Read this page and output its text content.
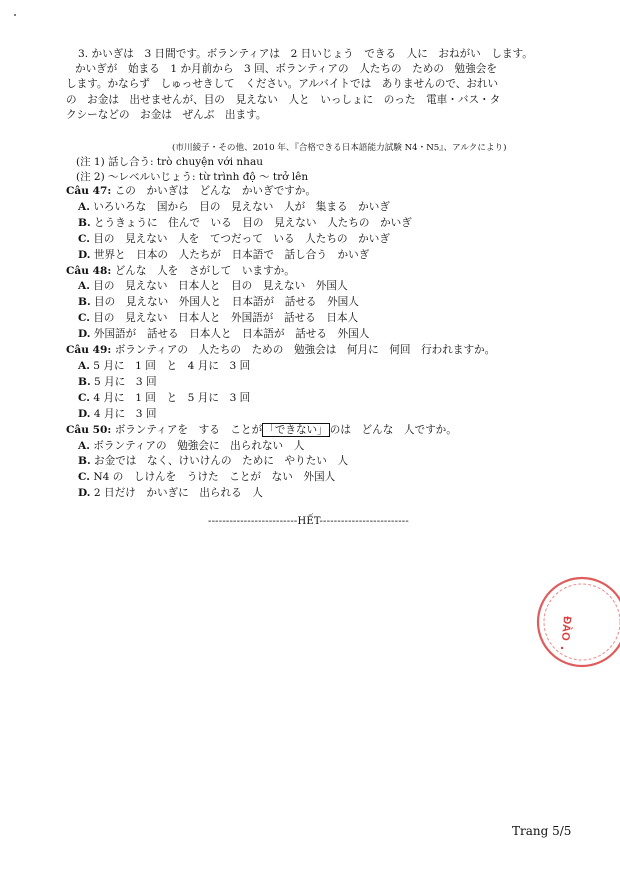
3. かいぎは　3 日間です。ボランティアは　2 日いじょう　できる　人に　おねがい　します。

かいぎが　始まる　1 か月前から　3 回、ボランティアの　人たちの　ための　勉強会を

します。かならず　しゅっせきして　ください。アルバイトでは　ありませんので、おれい

の　お金は　出せませんが、目の　見えない　人と　いっしょに　のった　電車・バス・タ

クシーなどの　お金は　ぜんぶ　出ます。

(市川綾子・その他、2010 年、『合格できる日本語能力試験 N4・N5』、アルクにより)
(注 1) 話し合う: trò chuyện với nhau
(注 2) ～レベルいじょう: từ trình độ ～ trở lên
Câu 47: この　かいぎは　どんな　かいぎですか。
A. いろいろな　国から　目の　見えない　人が　集まる　かいぎ
B. とうきょうに　住んで　いる　目の　見えない　人たちの　かいぎ
C. 目の　見えない　人を　てつだって　いる　人たちの　かいぎ
D. 世界と　日本の　人たちが　日本語で　話し合う　かいぎ
Câu 48: どんな　人を　さがして　いますか。
A. 目の　見えない　日本人と　目の　見えない　外国人
B. 目の　見えない　外国人と　日本語が　話せる　外国人
C. 目の　見えない　日本人と　外国語が　話せる　日本人
D. 外国語が　話せる　日本人と　日本語が　話せる　外国人
Câu 49: ボランティアの　人たちの　ための　勉強会は　何月に　何回　行われますか。
A. 5 月に　1 回　と　4 月に　3 回
B. 5 月に　3 回
C. 4 月に　1 回　と　5 月に　3 回
D. 4 月に　3 回
Câu 50: ボランティアを　する　ことが 「できない」 のは　どんな　人ですか。
A. ボランティアの　勉強会に　出られない　人
B. お金では　なく、けいけんの　ために　やりたい　人
C. N4 の　しけんを　うけた　ことが　ない　外国人
D. 2 日だけ　かいぎに　出られる　人
-------------------------HẾT-------------------------
ĐÀO
Trang 5/5
